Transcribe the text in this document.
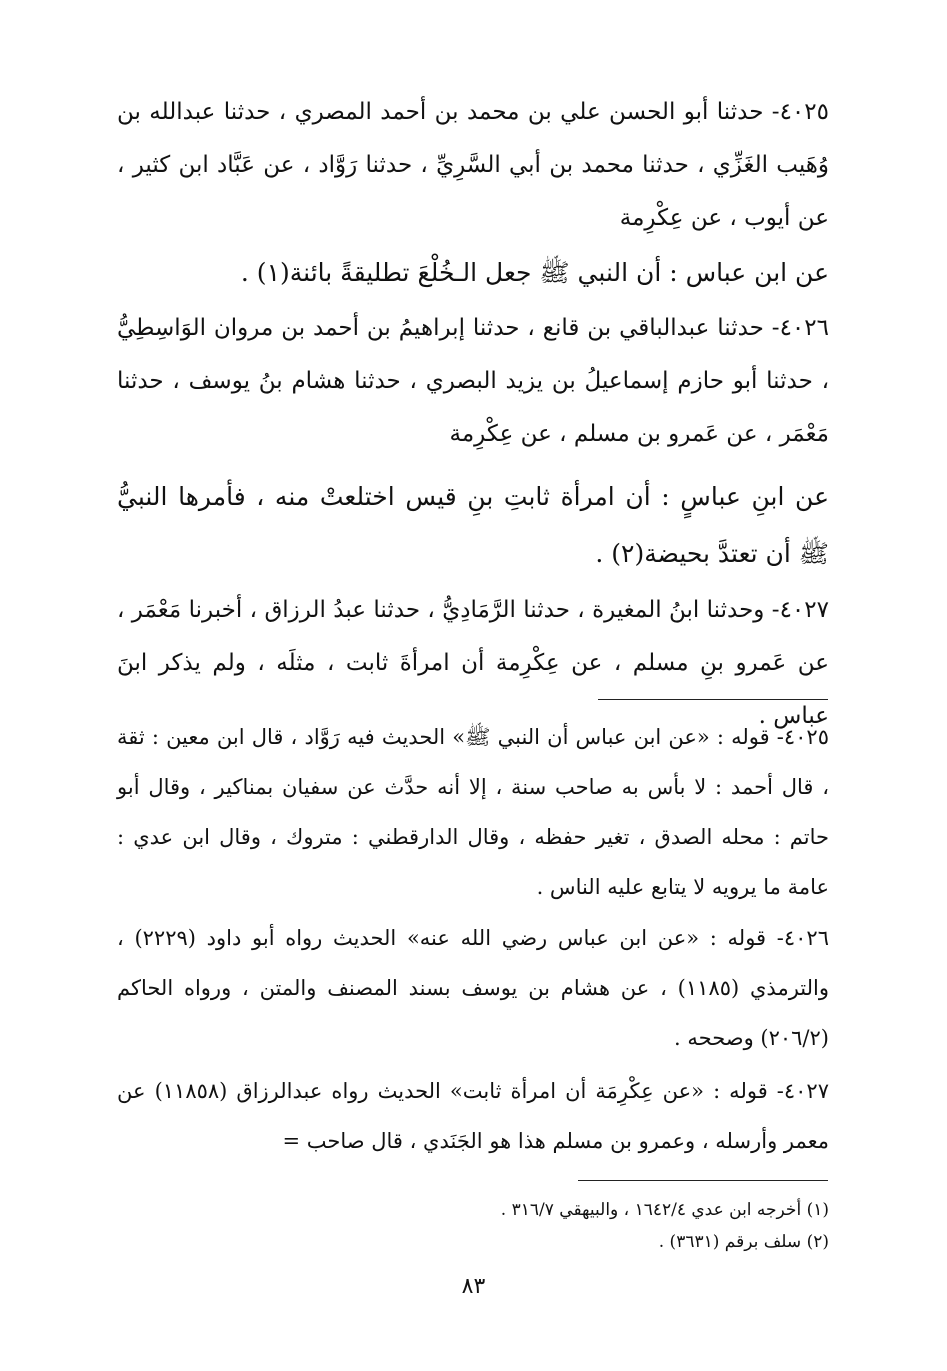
٤٠٢٥- حدثنا أبو الحسن علي بن محمد بن أحمد المصري ، حدثنا عبدالله بن وُهَيب الغَزِّي ، حدثنا محمد بن أبي السَّرِيِّ ، حدثنا رَوَّاد ، عن عَبَّاد ابن كثير ، عن أيوب ، عن عِكْرِمة

عن ابن عباس : أن النبي ﷺ جعل الـخُلْعَ تطليقةً بائنة(١) .

٤٠٢٦- حدثنا عبدالباقي بن قانع ، حدثنا إبراهيمُ بن أحمد بن مروان الوَاسِطِيُّ ، حدثنا أبو حازم إسماعيلُ بن يزيد البصري ، حدثنا هشام بنُ يوسف ، حدثنا مَعْمَر ، عن عَمرو بن مسلم ، عن عِكْرِمة

عن ابنِ عباسٍ : أن امرأة ثابتِ بنِ قيس اختلعتْ منه ، فأمرها النبيُّ ﷺ أن تعتدَّ بحيضة(٢) .

٤٠٢٧- وحدثنا ابنُ المغيرة ، حدثنا الرَّمَادِيُّ ، حدثنا عبدُ الرزاق ، أخبرنا مَعْمَر ، عن عَمرو بنِ مسلم ، عن عِكْرِمة أن امرأةَ ثابت ، مثلَه ، ولم يذكر ابنَ عباس .

٤٠٢٥- قوله : «عن ابن عباس أن النبي ﷺ» الحديث فيه رَوَّاد ، قال ابن معين : ثقة ، قال أحمد : لا بأس به صاحب سنة ، إلا أنه حدَّث عن سفيان بمناكير ، وقال أبو حاتم : محله الصدق ، تغير حفظه ، وقال الدارقطني : متروك ، وقال ابن عدي : عامة ما يرويه لا يتابع عليه الناس .

٤٠٢٦- قوله : «عن ابن عباس رضي الله عنه» الحديث رواه أبو داود (٢٢٢٩) ، والترمذي (١١٨٥) ، عن هشام بن يوسف بسند المصنف والمتن ، ورواه الحاكم (٢٠٦/٢) وصححه .

٤٠٢٧- قوله : «عن عِكْرِمَة أن امرأة ثابت» الحديث رواه عبدالرزاق (١١٨٥٨) عن معمر وأرسله ، وعمرو بن مسلم هذا هو الجَنَدي ، قال صاحب =

(١) أخرجه ابن عدي ١٦٤٢/٤ ، والبيهقي ٣١٦/٧ .

(٢) سلف برقم (٣٦٣١) .

٨٣
